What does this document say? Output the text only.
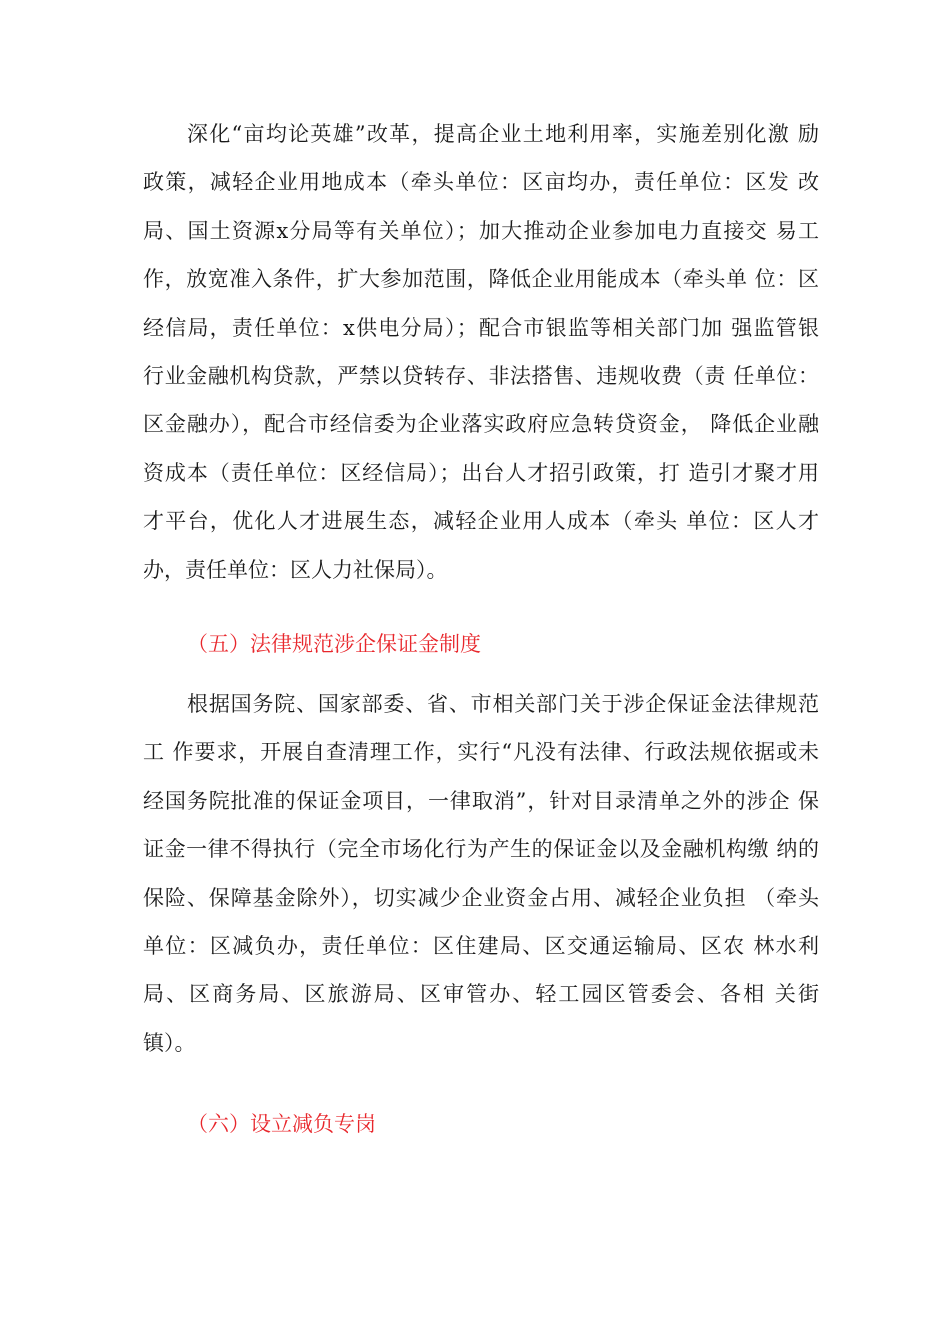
深化“亩均论英雄”改革，提高企业土地利用率，实施差别化激 励
政策，减轻企业用地成本（牵头单位：区亩均办，责任单位：区发 改
局、国土资源x分局等有关单位）；加大推动企业参加电力直接交 易工
作，放宽准入条件，扩大参加范围，降低企业用能成本（牵头单 位：区
经信局，责任单位：x供电分局）；配合市银监等相关部门加 强监管银
行业金融机构贷款，严禁以贷转存、非法搭售、违规收费（责 任单位：
区金融办），配合市经信委为企业落实政府应急转贷资金， 降低企业融
资成本（责任单位：区经信局）；出台人才招引政策，打 造引才聚才用
才平台，优化人才进展生态，减轻企业用人成本（牵头 单位：区人才
办，责任单位：区人力社保局）。
（五）法律规范涉企保证金制度
根据国务院、国家部委、省、市相关部门关于涉企保证金法律规范
工 作要求，开展自查清理工作，实行“凡没有法律、行政法规依据或未
经国务院批准的保证金项目，一律取消”，针对目录清单之外的涉企 保
证金一律不得执行（完全市场化行为产生的保证金以及金融机构缴 纳的
保险、保障基金除外），切实减少企业资金占用、减轻企业负担 （牵头
单位：区减负办，责任单位：区住建局、区交通运输局、区农 林水利
局、区商务局、区旅游局、区审管办、轻工园区管委会、各相 关街
镇）。
（六）设立减负专岗
